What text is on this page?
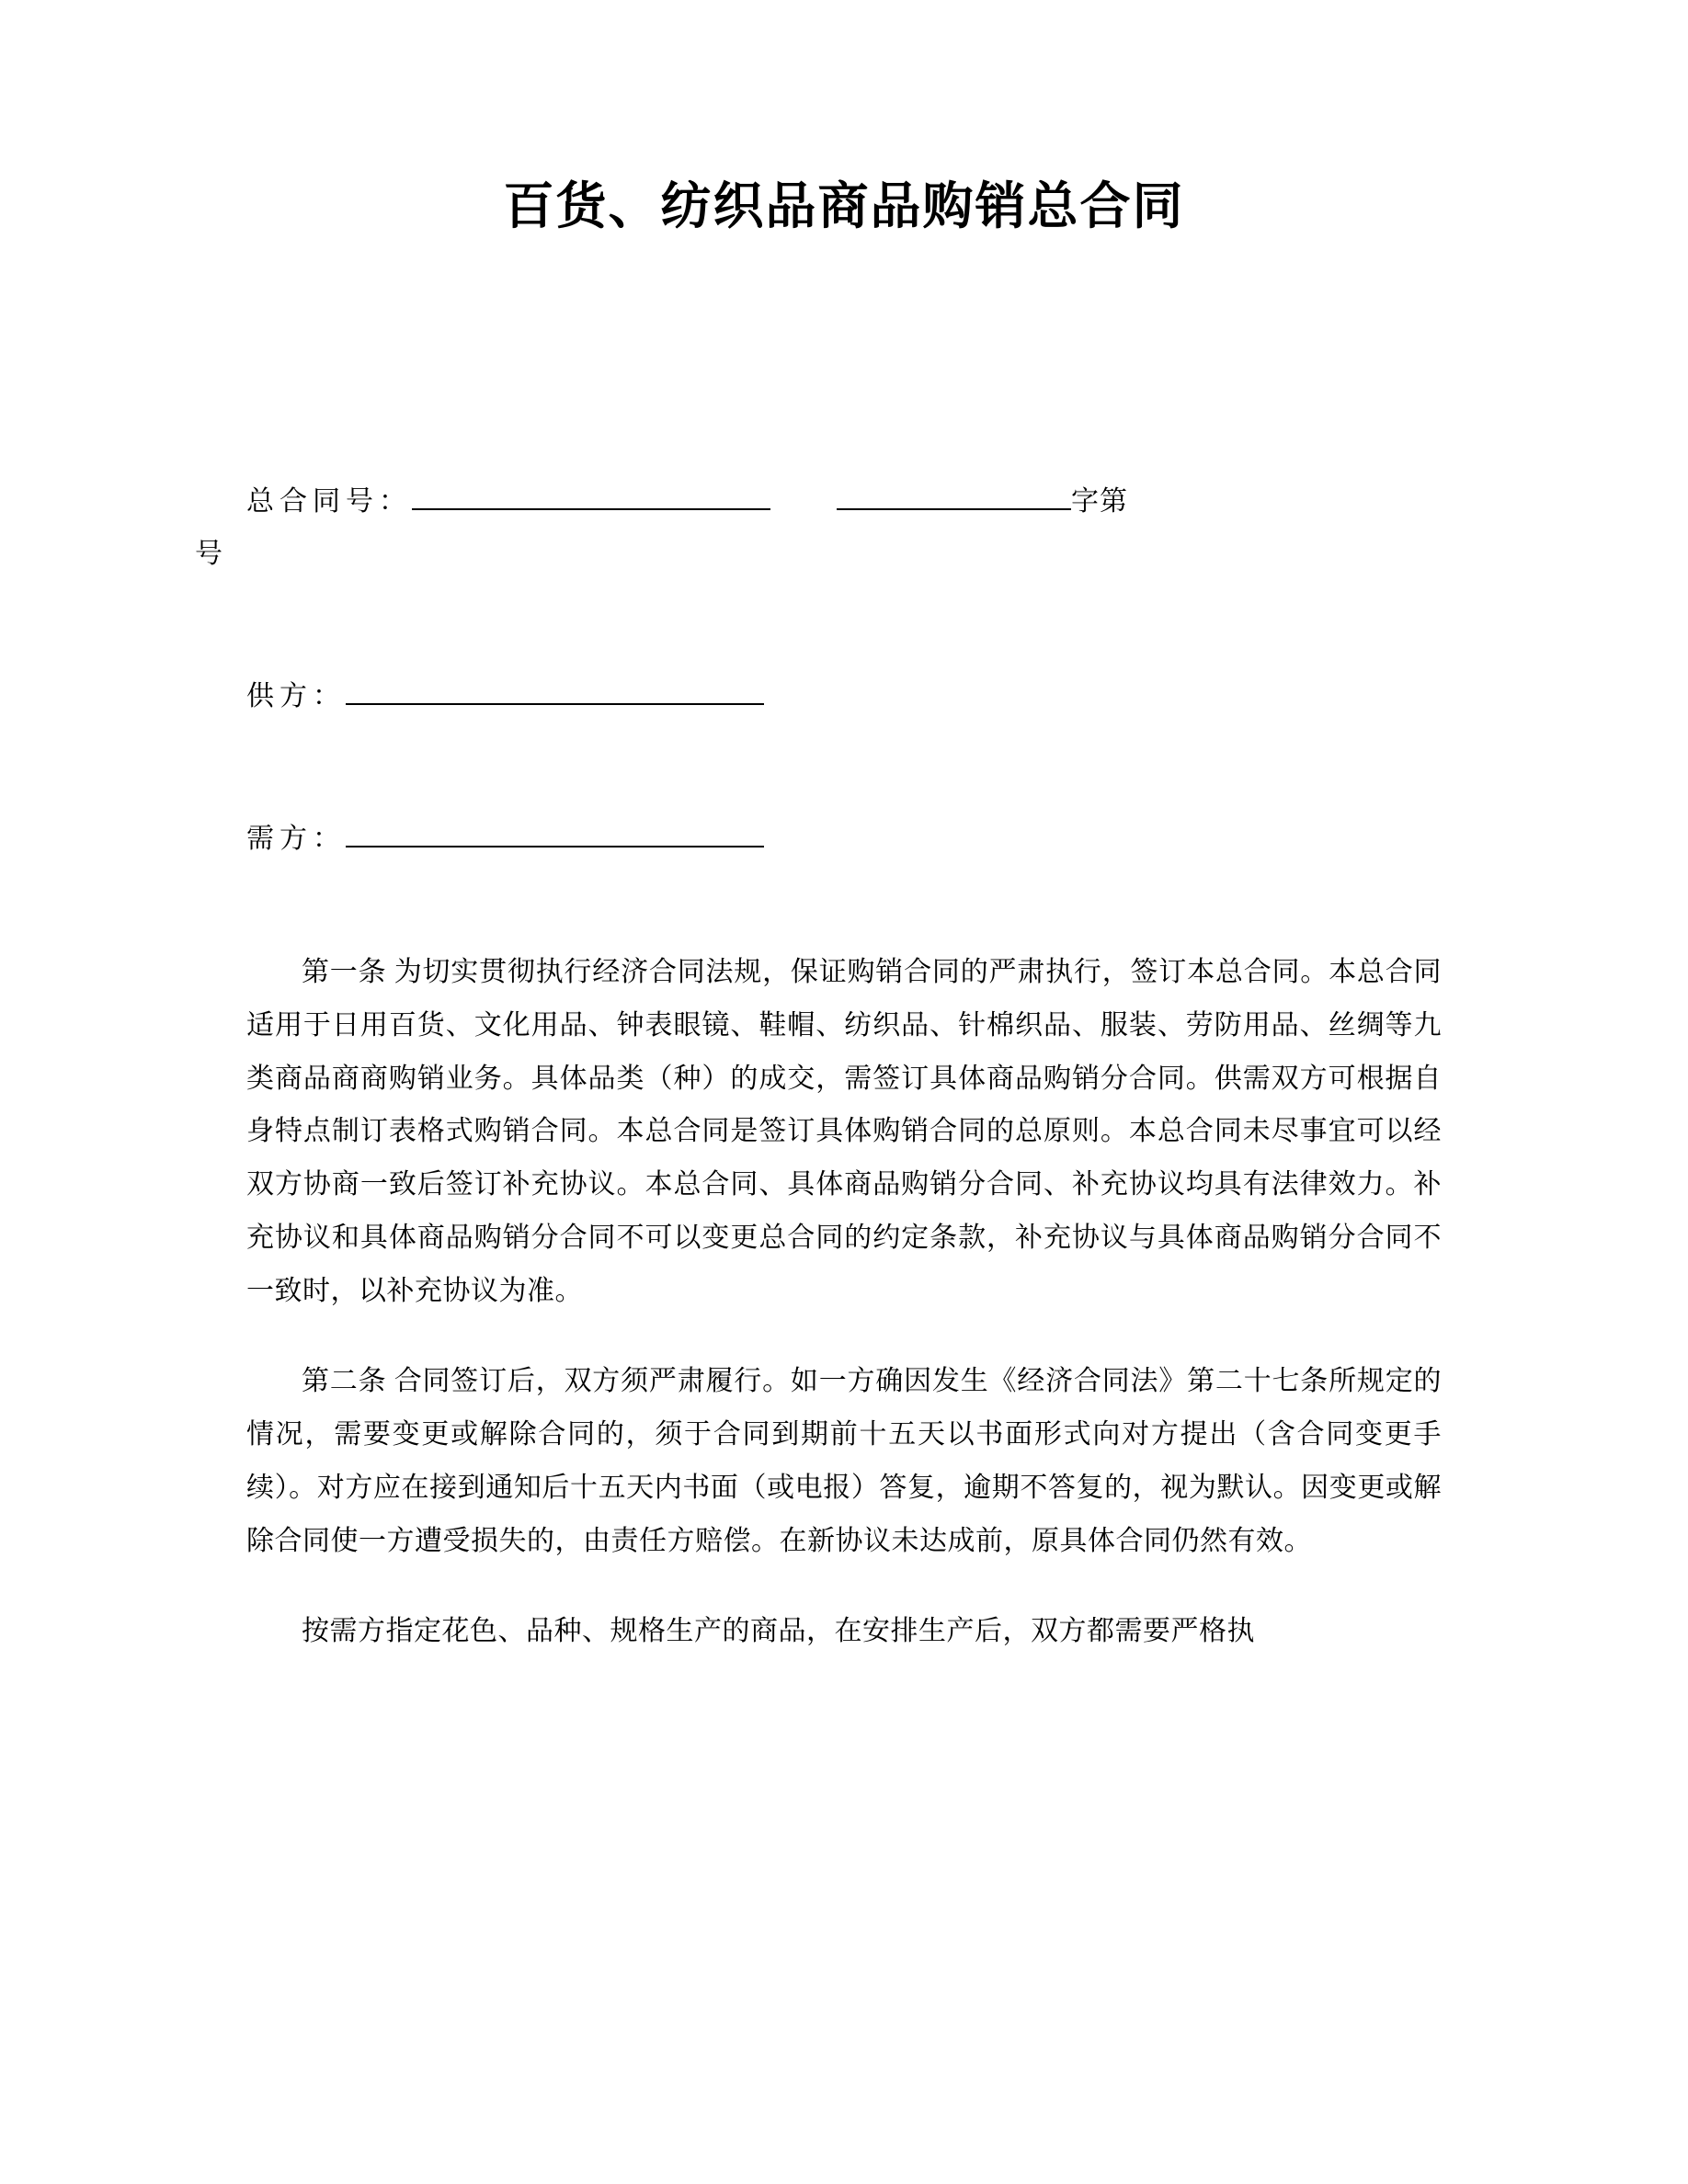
百货、纺织品商品购销总合同
总合同号：	字第
号
供方：
需方：

第一条 为切实贯彻执行经济合同法规，保证购销合同的严肃执行，签订本总合同。本总合同适用于日用百货、文化用品、钟表眼镜、鞋帽、纺织品、针棉织品、服装、劳防用品、丝绸等九类商品商商购销业务。具体品类（种）的成交，需签订具体商品购销分合同。供需双方可根据自身特点制订表格式购销合同。本总合同是签订具体购销合同的总原则。本总合同未尽事宜可以经双方协商一致后签订补充协议。本总合同、具体商品购销分合同、补充协议均具有法律效力。补充协议和具体商品购销分合同不可以变更总合同的约定条款，补充协议与具体商品购销分合同不一致时，以补充协议为准。

第二条 合同签订后，双方须严肃履行。如一方确因发生《经济合同法》第二十七条所规定的情况，需要变更或解除合同的，须于合同到期前十五天以书面形式向对方提出（含合同变更手续）。对方应在接到通知后十五天内书面（或电报）答复，逾期不答复的，视为默认。因变更或解除合同使一方遭受损失的，由责任方赔偿。在新协议未达成前，原具体合同仍然有效。

按需方指定花色、品种、规格生产的商品，在安排生产后，双方都需要严格执
